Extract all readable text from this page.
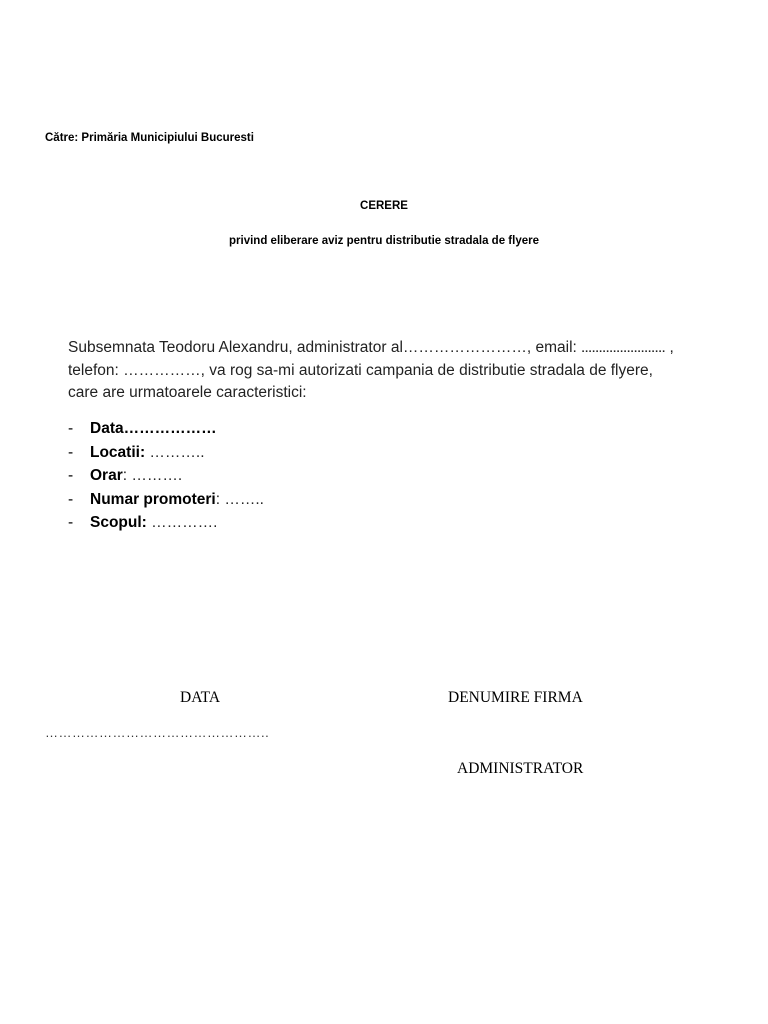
Către: Primăria Municipiului Bucuresti
CERERE
privind eliberare aviz pentru distributie stradala de flyere
Subsemnata Teodoru Alexandru, administrator al……………………, email: …………………… ,
telefon: ……………, va rog sa-mi autorizati campania de distributie stradala de flyere,
care are urmatoarele caracteristici:
- Data………………
- Locatii: ………..
- Orar: ……….
- Numar promoteri: ……..
- Scopul: ………….
DATA	DENUMIRE FIRMA
…………………………………………..
ADMINISTRATOR
